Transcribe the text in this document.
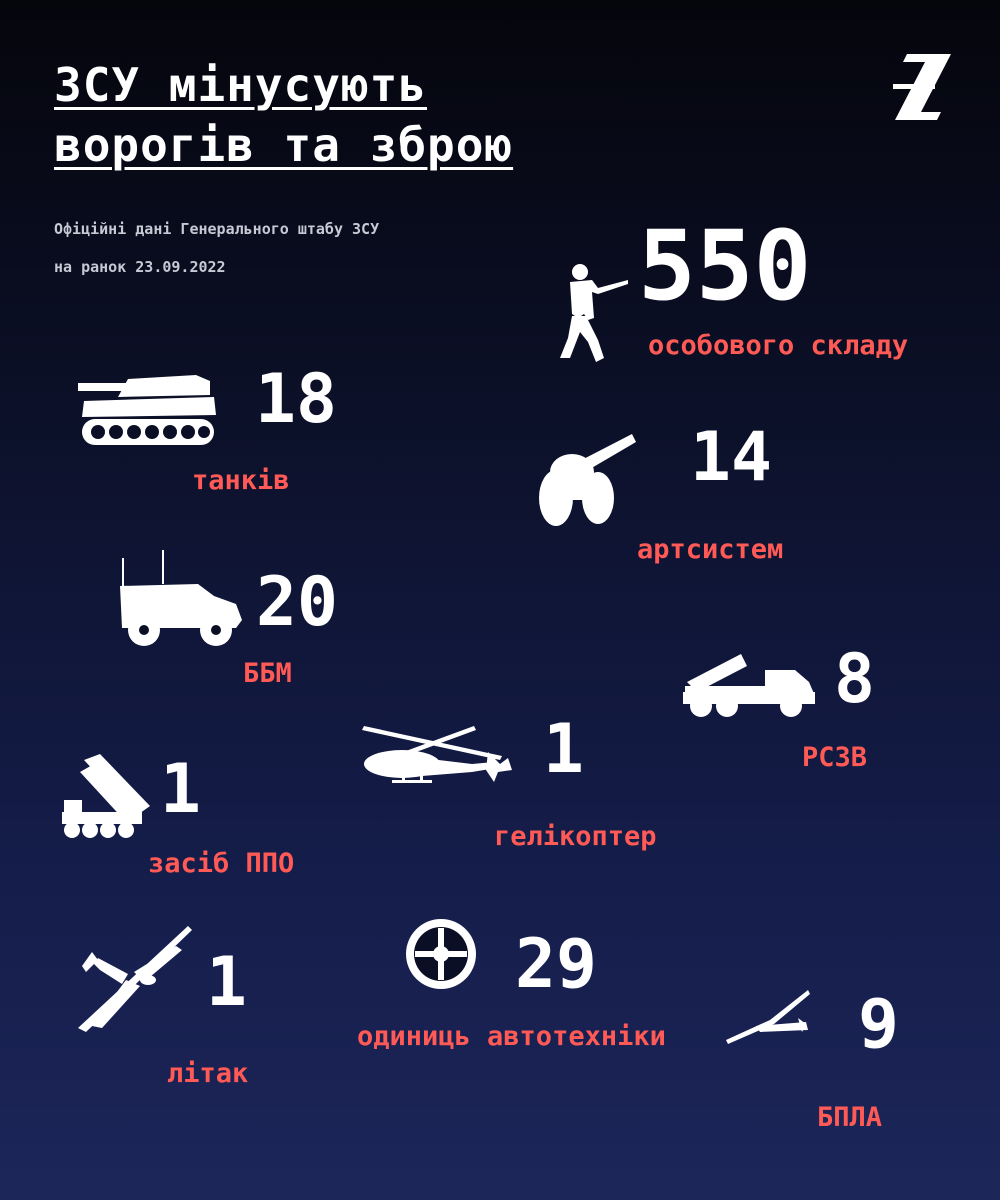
ЗСУ мінусують
ворогів та зброю
Офіційні дані Генерального штабу ЗСУ
на ранок 23.09.2022	550
особового складу
18
танків	14
артсистем
20
ББМ	8
РСЗВ
1
гелікоптер
1
засіб ППО
1
літак
29
одиниць автотехніки	9
БПЛА
